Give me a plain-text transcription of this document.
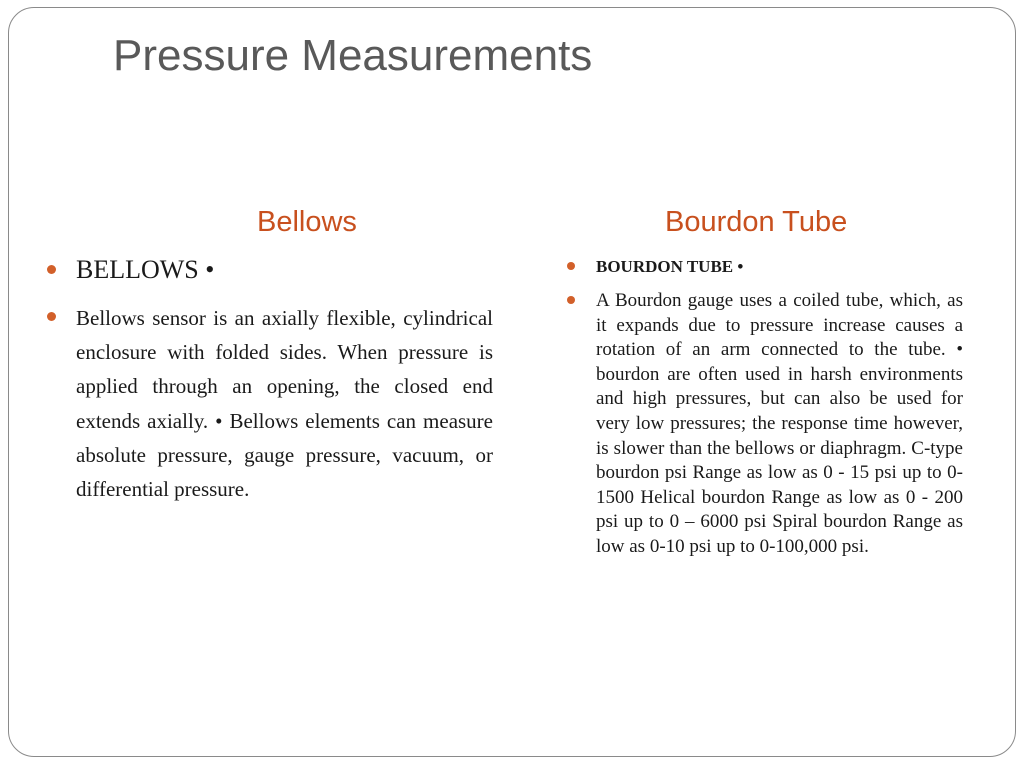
Pressure Measurements
Bellows	Bourdon Tube
BELLOWS •
Bellows sensor is an axially flexible, cylindrical enclosure with folded sides. When pressure is applied through an opening, the closed end extends axially. • Bellows elements can measure absolute pressure, gauge pressure, vacuum, or differential pressure.
BOURDON TUBE •
A Bourdon gauge uses a coiled tube, which, as it expands due to pressure increase causes a rotation of an arm connected to the tube. • bourdon are often used in harsh environments and high pressures, but can also be used for very low pressures; the response time however, is slower than the bellows or diaphragm. C-type bourdon psi Range as low as 0 - 15 psi up to 0-1500 Helical bourdon Range as low as 0 - 200 psi up to 0 – 6000 psi Spiral bourdon Range as low as 0-10 psi up to 0-100,000 psi.
